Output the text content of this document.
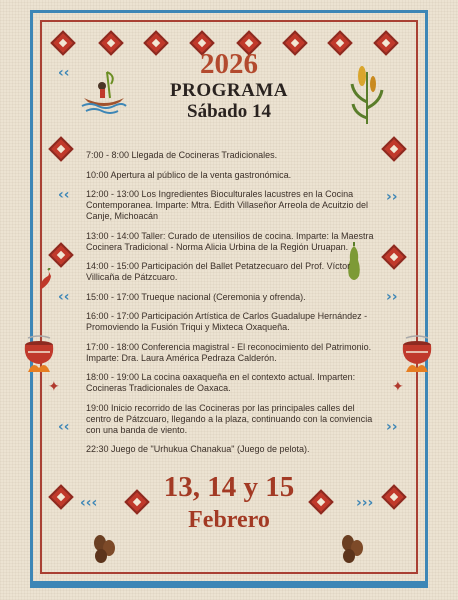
‹‹
‹‹
‹‹
‹‹
››
››
››
‹‹‹	›››
✦	✦
2026
PROGRAMA
Sábado 14
7:00 - 8:00 Llegada de Cocineras Tradicionales.
10:00 Apertura al público de la venta gastronómica.
12:00 - 13:00 Los Ingredientes Bioculturales lacustres en la Cocina Contemporanea. Imparte: Mtra. Edith Villaseñor Arreola de Acuitzio del Canje, Michoacán
13:00 - 14:00 Taller: Curado de utensilios de cocina. Imparte: la Maestra Cocinera Tradicional - Norma Alicia Urbina de la Región Uruapan.
14:00 - 15:00 Participación del Ballet Petatzecuaro del Prof. Víctor Villicaña de Pátzcuaro.
15:00 - 17:00 Trueque nacional (Ceremonia y ofrenda).
16:00 - 17:00 Participación Artística de Carlos Guadalupe Hernández - Promoviendo la Fusión Triqui y Mixteca Oxaqueña.
17:00 - 18:00 Conferencia magistral - El reconocimiento del Patrimonio. Imparte: Dra. Laura América Pedraza Calderón.
18:00 - 19:00 La cocina oaxaqueña en el contexto actual. Imparten: Cocineras Tradicionales de Oaxaca.
19:00 Inicio recorrido de las Cocineras por las principales calles del centro de Pátzcuaro, llegando a la plaza, continuando con la conviencia con una banda de viento.
22:30 Juego de "Urhukua Chanakua" (Juego de pelota).
13, 14 y 15
Febrero
